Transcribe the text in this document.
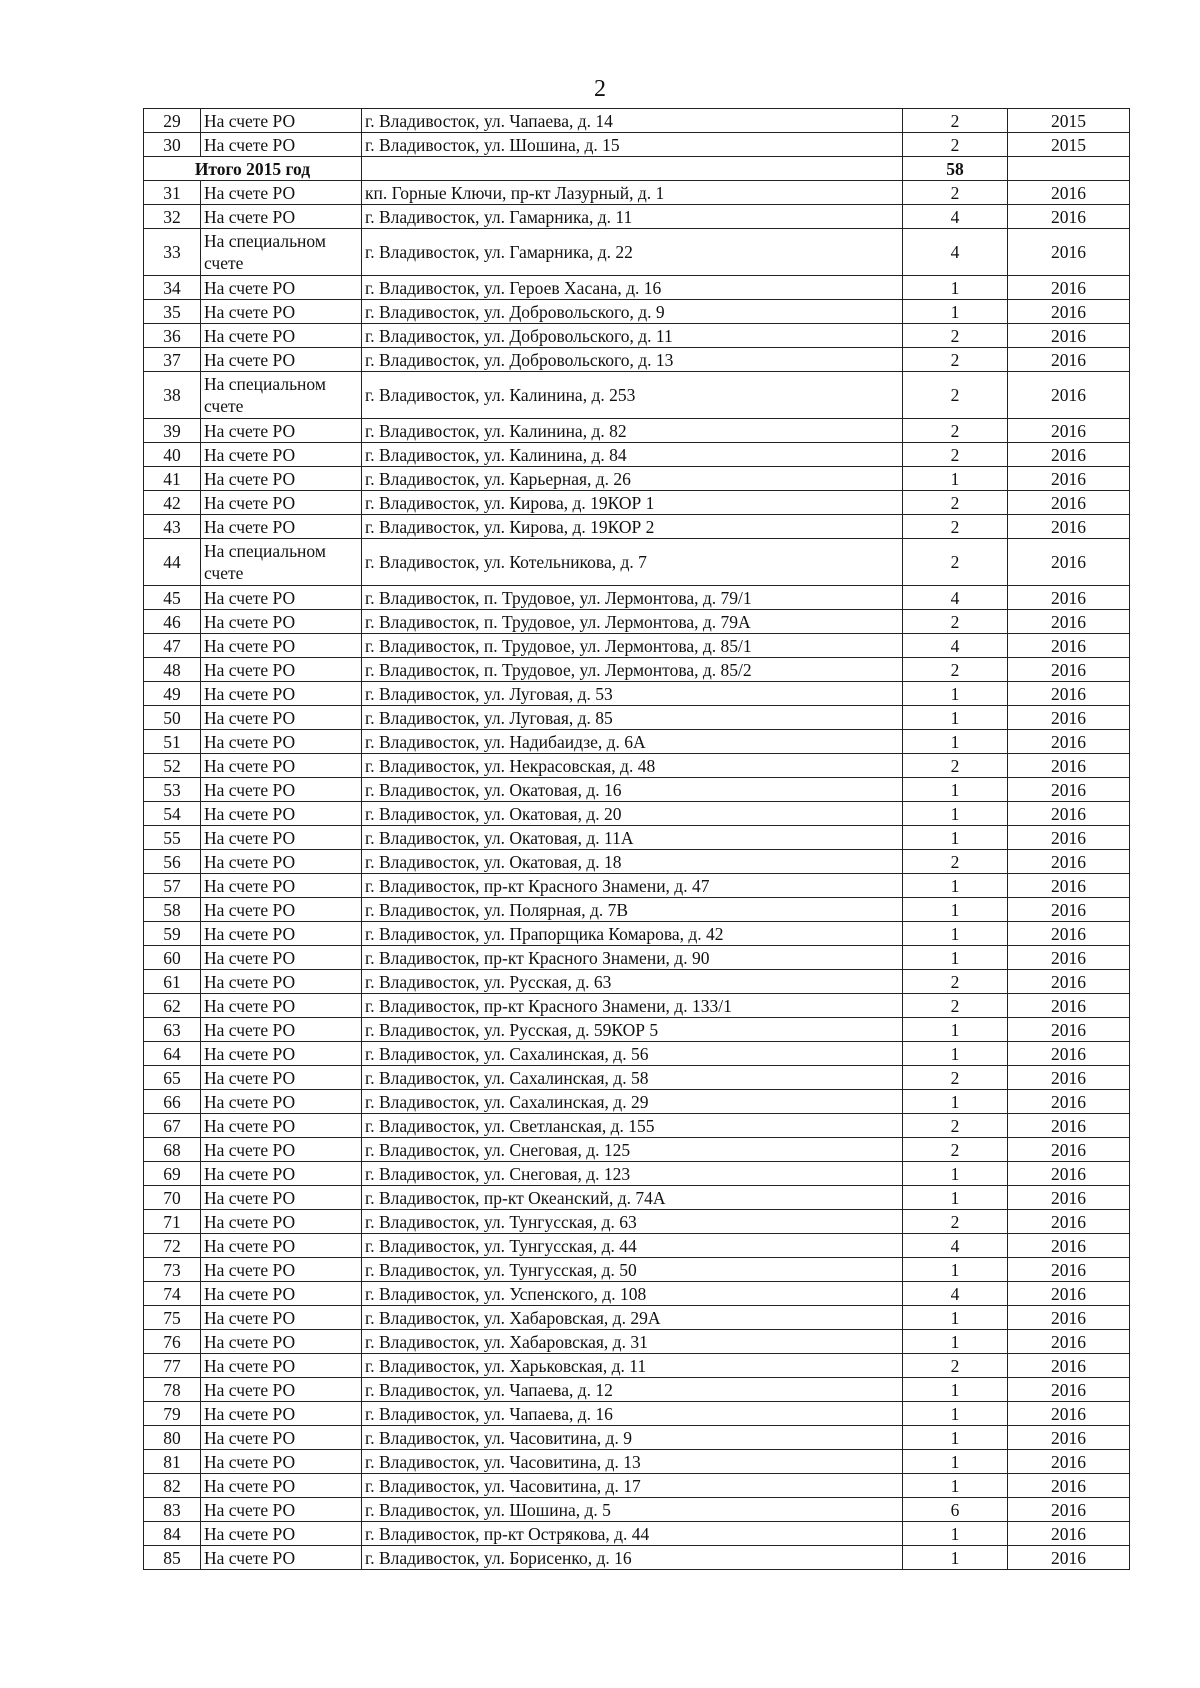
2
29	На счете РО	г. Владивосток, ул. Чапаева, д. 14	2	2015
30	На счете РО	г. Владивосток, ул. Шошина, д. 15	2	2015
Итого 2015 год			58	
31	На счете РО	кп. Горные Ключи, пр-кт Лазурный, д. 1	2	2016
32	На счете РО	г. Владивосток, ул. Гамарника, д. 11	4	2016
33	На специальном счете	г. Владивосток, ул. Гамарника, д. 22	4	2016
34	На счете РО	г. Владивосток, ул. Героев Хасана, д. 16	1	2016
35	На счете РО	г. Владивосток, ул. Добровольского, д. 9	1	2016
36	На счете РО	г. Владивосток, ул. Добровольского, д. 11	2	2016
37	На счете РО	г. Владивосток, ул. Добровольского, д. 13	2	2016
38	На специальном счете	г. Владивосток, ул. Калинина, д. 253	2	2016
39	На счете РО	г. Владивосток, ул. Калинина, д. 82	2	2016
40	На счете РО	г. Владивосток, ул. Калинина, д. 84	2	2016
41	На счете РО	г. Владивосток, ул. Карьерная, д. 26	1	2016
42	На счете РО	г. Владивосток, ул. Кирова, д. 19КОР 1	2	2016
43	На счете РО	г. Владивосток, ул. Кирова, д. 19КОР 2	2	2016
44	На специальном счете	г. Владивосток, ул. Котельникова, д. 7	2	2016
45	На счете РО	г. Владивосток, п. Трудовое, ул. Лермонтова, д. 79/1	4	2016
46	На счете РО	г. Владивосток, п. Трудовое, ул. Лермонтова, д. 79А	2	2016
47	На счете РО	г. Владивосток, п. Трудовое, ул. Лермонтова, д. 85/1	4	2016
48	На счете РО	г. Владивосток, п. Трудовое, ул. Лермонтова, д. 85/2	2	2016
49	На счете РО	г. Владивосток, ул. Луговая, д. 53	1	2016
50	На счете РО	г. Владивосток, ул. Луговая, д. 85	1	2016
51	На счете РО	г. Владивосток, ул. Надибаидзе, д. 6А	1	2016
52	На счете РО	г. Владивосток, ул. Некрасовская, д. 48	2	2016
53	На счете РО	г. Владивосток, ул. Окатовая, д. 16	1	2016
54	На счете РО	г. Владивосток, ул. Окатовая, д. 20	1	2016
55	На счете РО	г. Владивосток, ул. Окатовая, д. 11А	1	2016
56	На счете РО	г. Владивосток, ул. Окатовая, д. 18	2	2016
57	На счете РО	г. Владивосток, пр-кт Красного Знамени, д. 47	1	2016
58	На счете РО	г. Владивосток, ул. Полярная, д. 7В	1	2016
59	На счете РО	г. Владивосток, ул. Прапорщика Комарова, д. 42	1	2016
60	На счете РО	г. Владивосток, пр-кт Красного Знамени, д. 90	1	2016
61	На счете РО	г. Владивосток, ул. Русская, д. 63	2	2016
62	На счете РО	г. Владивосток, пр-кт Красного Знамени, д. 133/1	2	2016
63	На счете РО	г. Владивосток, ул. Русская, д. 59КОР 5	1	2016
64	На счете РО	г. Владивосток, ул. Сахалинская, д. 56	1	2016
65	На счете РО	г. Владивосток, ул. Сахалинская, д. 58	2	2016
66	На счете РО	г. Владивосток, ул. Сахалинская, д. 29	1	2016
67	На счете РО	г. Владивосток, ул. Светланская, д. 155	2	2016
68	На счете РО	г. Владивосток, ул. Снеговая, д. 125	2	2016
69	На счете РО	г. Владивосток, ул. Снеговая, д. 123	1	2016
70	На счете РО	г. Владивосток, пр-кт Океанский, д. 74А	1	2016
71	На счете РО	г. Владивосток, ул. Тунгусская, д. 63	2	2016
72	На счете РО	г. Владивосток, ул. Тунгусская, д. 44	4	2016
73	На счете РО	г. Владивосток, ул. Тунгусская, д. 50	1	2016
74	На счете РО	г. Владивосток, ул. Успенского, д. 108	4	2016
75	На счете РО	г. Владивосток, ул. Хабаровская, д. 29А	1	2016
76	На счете РО	г. Владивосток, ул. Хабаровская, д. 31	1	2016
77	На счете РО	г. Владивосток, ул. Харьковская, д. 11	2	2016
78	На счете РО	г. Владивосток, ул. Чапаева, д. 12	1	2016
79	На счете РО	г. Владивосток, ул. Чапаева, д. 16	1	2016
80	На счете РО	г. Владивосток, ул. Часовитина, д. 9	1	2016
81	На счете РО	г. Владивосток, ул. Часовитина, д. 13	1	2016
82	На счете РО	г. Владивосток, ул. Часовитина, д. 17	1	2016
83	На счете РО	г. Владивосток, ул. Шошина, д. 5	6	2016
84	На счете РО	г. Владивосток, пр-кт Острякова, д. 44	1	2016
85	На счете РО	г. Владивосток, ул. Борисенко, д. 16	1	2016
